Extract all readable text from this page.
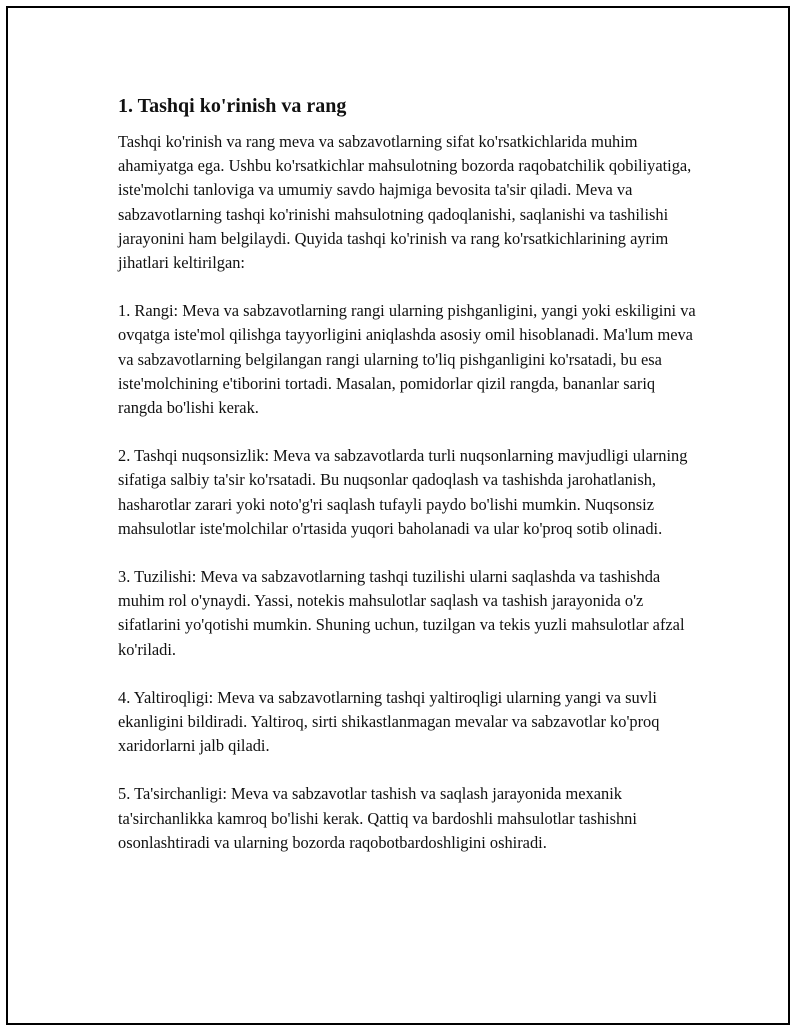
1. Tashqi ko'rinish va rang

Tashqi ko'rinish va rang meva va sabzavotlarning sifat ko'rsatkichlarida muhim ahamiyatga ega. Ushbu ko'rsatkichlar mahsulotning bozorda raqobatchilik qobiliyatiga, iste'molchi tanloviga va umumiy savdo hajmiga bevosita ta'sir qiladi. Meva va sabzavotlarning tashqi ko'rinishi mahsulotning qadoqlanishi, saqlanishi va tashilishi jarayonini ham belgilaydi. Quyida tashqi ko'rinish va rang ko'rsatkichlarining ayrim jihatlari keltirilgan:

1. Rangi: Meva va sabzavotlarning rangi ularning pishganligini, yangi yoki eskiligini va ovqatga iste'mol qilishga tayyorligini aniqlashda asosiy omil hisoblanadi. Ma'lum meva va sabzavotlarning belgilangan rangi ularning to'liq pishganligini ko'rsatadi, bu esa iste'molchining e'tiborini tortadi. Masalan, pomidorlar qizil rangda, bananlar sariq rangda bo'lishi kerak.

2. Tashqi nuqsonsizlik: Meva va sabzavotlarda turli nuqsonlarning mavjudligi ularning sifatiga salbiy ta'sir ko'rsatadi. Bu nuqsonlar qadoqlash va tashishda jarohatlanish, hasharotlar zarari yoki noto'g'ri saqlash tufayli paydo bo'lishi mumkin. Nuqsonsiz mahsulotlar iste'molchilar o'rtasida yuqori baholanadi va ular ko'proq sotib olinadi.

3. Tuzilishi: Meva va sabzavotlarning tashqi tuzilishi ularni saqlashda va tashishda muhim rol o'ynaydi. Yassi, notekis mahsulotlar saqlash va tashish jarayonida o'z sifatlarini yo'qotishi mumkin. Shuning uchun, tuzilgan va tekis yuzli mahsulotlar afzal ko'riladi.

4. Yaltiroqligi: Meva va sabzavotlarning tashqi yaltiroqligi ularning yangi va suvli ekanligini bildiradi. Yaltiroq, sirti shikastlanmagan mevalar va sabzavotlar ko'proq xaridorlarni jalb qiladi.

5. Ta'sirchanligi: Meva va sabzavotlar tashish va saqlash jarayonida mexanik ta'sirchanlikka kamroq bo'lishi kerak. Qattiq va bardoshli mahsulotlar tashishni osonlashtiradi va ularning bozorda raqobotbardoshligini oshiradi.
